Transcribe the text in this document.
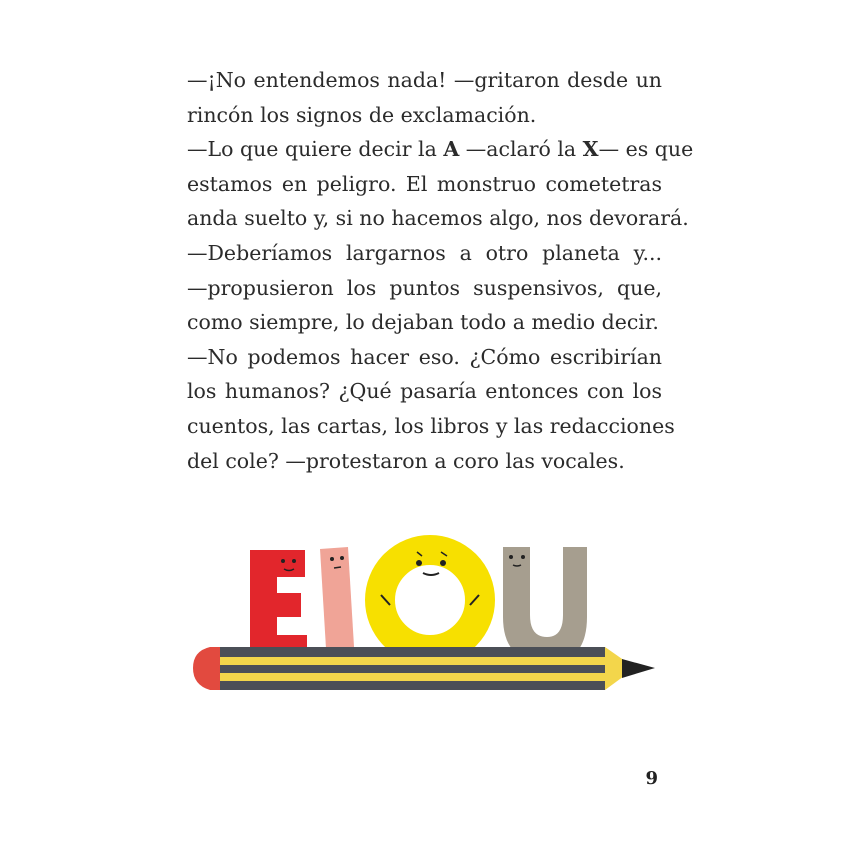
—¡No entendemos nada! —gritaron desde un
rincón los signos de exclamación.
—Lo que quiere decir la A —aclaró la X— es que
estamos en peligro. El monstruo cometetras
anda suelto y, si no hacemos algo, nos devorará.
—Deberíamos largarnos a otro planeta y...
—propusieron los puntos suspensivos, que,
como siempre, lo dejaban todo a medio decir.
—No podemos hacer eso. ¿Cómo escribirían
los humanos? ¿Qué pasaría entonces con los
cuentos, las cartas, los libros y las redacciones
del cole? —protestaron a coro las vocales.
9
